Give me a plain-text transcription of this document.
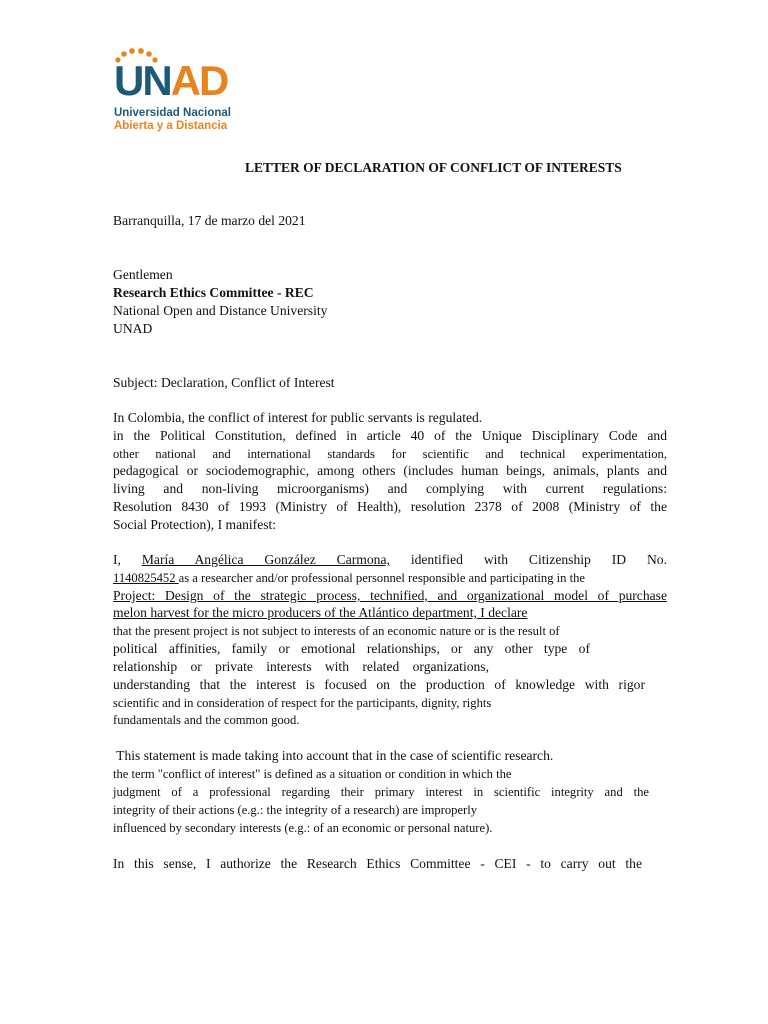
UNAD
Universidad Nacional
Abierta y a Distancia
LETTER OF DECLARATION OF CONFLICT OF INTERESTS
Barranquilla, 17 de marzo del 2021
Gentlemen
Research Ethics Committee - REC
National Open and Distance University
UNAD
Subject: Declaration, Conflict of Interest
In Colombia, the conflict of interest for public servants is regulated.
in the Political Constitution, defined in article 40 of the Unique Disciplinary Code and
other national and international standards for scientific and technical experimentation,
pedagogical or sociodemographic, among others (includes human beings, animals, plants and
living and non-living microorganisms) and complying with current regulations:
Resolution 8430 of 1993 (Ministry of Health), resolution 2378 of 2008 (Ministry of the
Social Protection), I manifest:
I, María Angélica González Carmona, identified with Citizenship ID No.
1140825452 as a researcher and/or professional personnel responsible and participating in the
Project: Design of the strategic process, technified, and organizational model of purchase
melon harvest for the micro producers of the Atlántico department, I declare
that the present project is not subject to interests of an economic nature or is the result of
political affinities, family or emotional relationships, or any other type of
relationship or private interests with related organizations,
understanding that the interest is focused on the production of knowledge with rigor
scientific and in consideration of respect for the participants, dignity, rights
fundamentals and the common good.
This statement is made taking into account that in the case of scientific research.
the term "conflict of interest" is defined as a situation or condition in which the
judgment of a professional regarding their primary interest in scientific integrity and the
integrity of their actions (e.g.: the integrity of a research) are improperly
influenced by secondary interests (e.g.: of an economic or personal nature).
In this sense, I authorize the Research Ethics Committee - CEI - to carry out the
